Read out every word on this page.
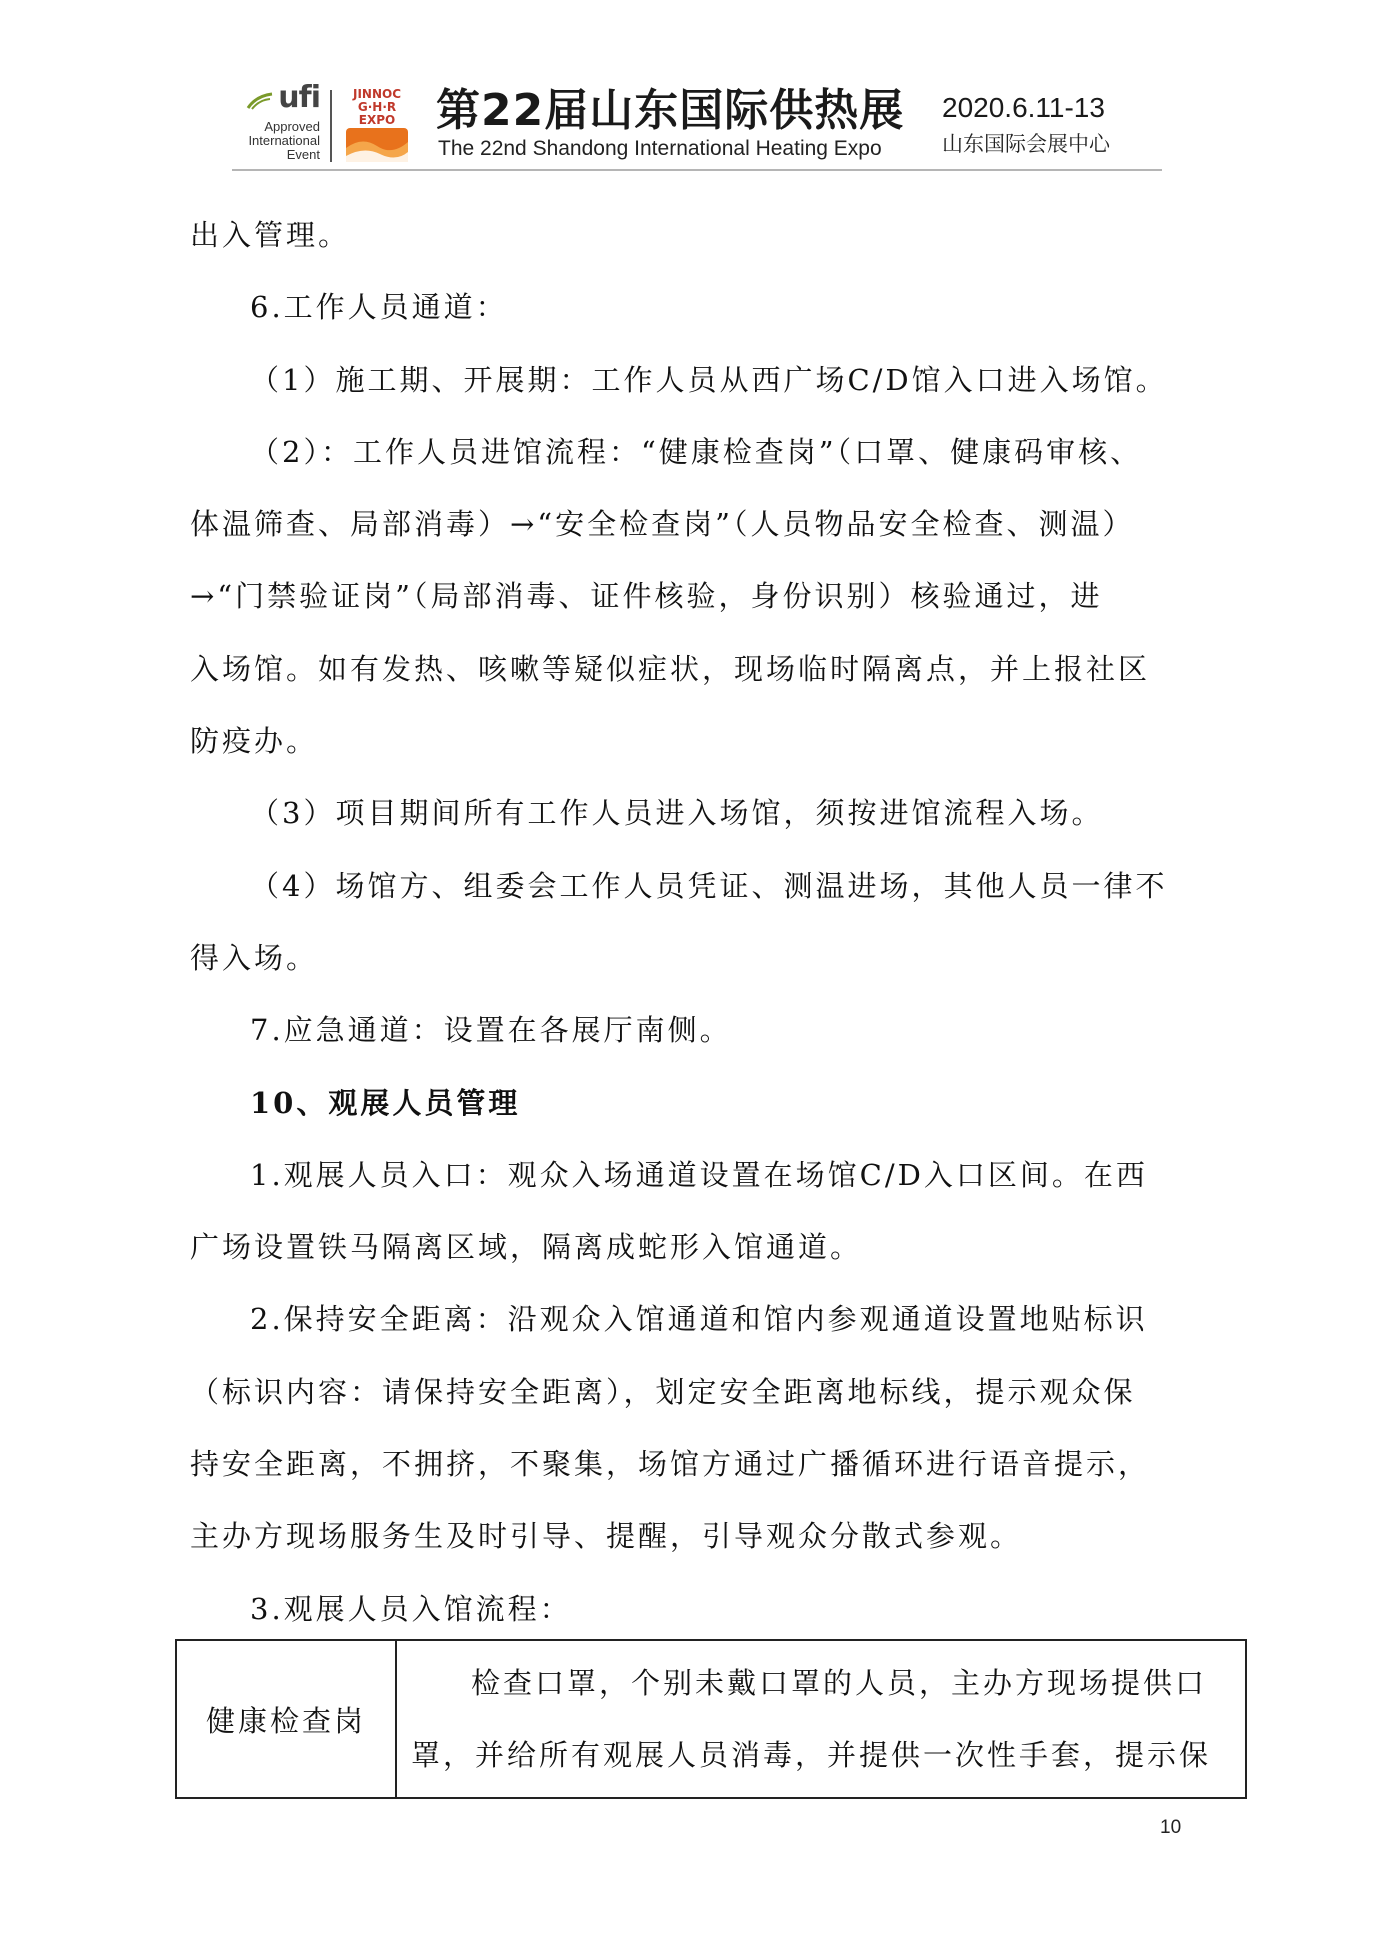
ufi
Approved
International
Event
JINNOC
G·H·R
EXPO 第22届山东国际供热展
The 22nd Shandong International Heating Expo
2020.6.11-13
山东国际会展中心

出入管理。

6.工作人员通道：

（1）施工期、开展期：工作人员从西广场C/D馆入口进入场馆。

（2）：工作人员进馆流程：“健康检查岗”（口罩、健康码审核、

体温筛查、局部消毒）→“安全检查岗”（人员物品安全检查、测温）

→“门禁验证岗”（局部消毒、证件核验，身份识别）核验通过，进

入场馆。如有发热、咳嗽等疑似症状，现场临时隔离点，并上报社区

防疫办。

（3）项目期间所有工作人员进入场馆，须按进馆流程入场。

（4）场馆方、组委会工作人员凭证、测温进场，其他人员一律不

得入场。

7.应急通道：设置在各展厅南侧。

10、观展人员管理

1.观展人员入口：观众入场通道设置在场馆C/D入口区间。在西

广场设置铁马隔离区域，隔离成蛇形入馆通道。

2.保持安全距离：沿观众入馆通道和馆内参观通道设置地贴标识

（标识内容：请保持安全距离），划定安全距离地标线，提示观众保

持安全距离，不拥挤，不聚集，场馆方通过广播循环进行语音提示，

主办方现场服务生及时引导、提醒，引导观众分散式参观。

3.观展人员入馆流程：

健康检查岗	
检查口罩，个别未戴口罩的人员，主办方现场提供口
罩，并给所有观展人员消毒，并提供一次性手套，提示保
10
